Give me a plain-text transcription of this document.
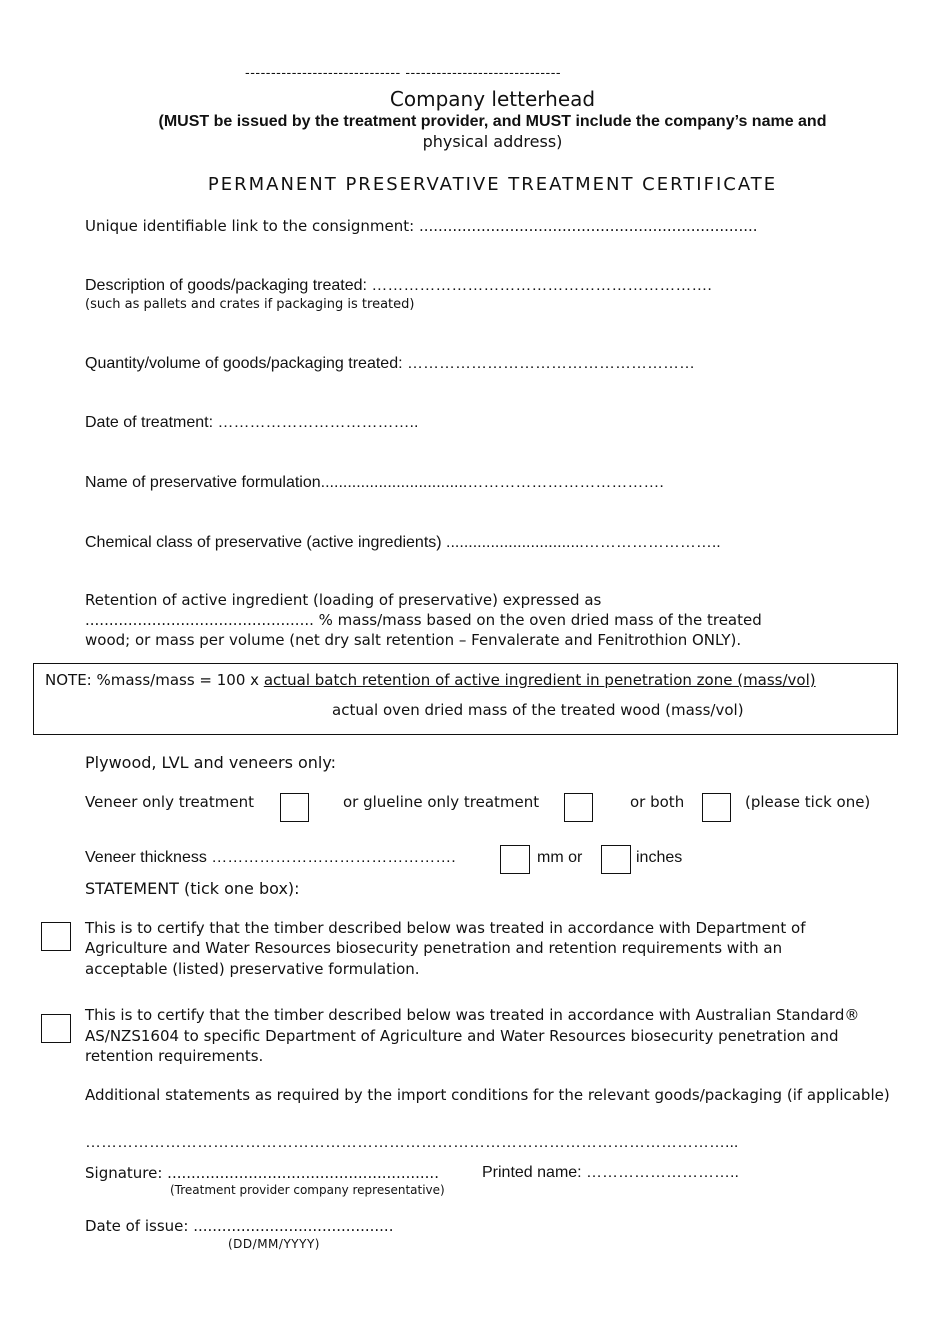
------------------------------ ------------------------------
Company letterhead
(MUST be issued by the treatment provider, and MUST include the company’s name and
physical address)
PERMANENT PRESERVATIVE TREATMENT CERTIFICATE
Unique identifiable link to the consignment: .......................................................................
Description of goods/packaging treated: ……………………………………………………….
(such as pallets and crates if packaging is treated)
Quantity/volume of goods/packaging treated: ………………………………………………
Date of treatment: ………………………………..
Name of preservative formulation.................................……………………………….
Chemical class of preservative (active ingredients) ...............................……………………..
Retention of active ingredient (loading of preservative) expressed as
................................................ % mass/mass based on the oven dried mass of the treated
wood; or mass per volume (net dry salt retention – Fenvalerate and Fenitrothion ONLY).
NOTE: %mass/mass = 100 x actual batch retention of active ingredient in penetration zone (mass/vol)
actual oven dried mass of the treated wood (mass/vol)
Plywood, LVL and veneers only:
Veneer only treatment	or glueline only treatment	or both	(please tick one)
Veneer thickness ……………………………………….	mm or	inches
STATEMENT (tick one box):
This is to certify that the timber described below was treated in accordance with Department of
Agriculture and Water Resources biosecurity penetration and retention requirements with an
acceptable (listed) preservative formulation.
This is to certify that the timber described below was treated in accordance with Australian Standard®
AS/NZS1604 to specific Department of Agriculture and Water Resources biosecurity penetration and
retention requirements.
Additional statements as required by the import conditions for the relevant goods/packaging (if applicable)
…………………………………………………………………………………………………………...
Signature: .........................................................
(Treatment provider company representative)
Printed name: ………………………..
Date of issue: ..........................................
(DD/MM/YYYY)
